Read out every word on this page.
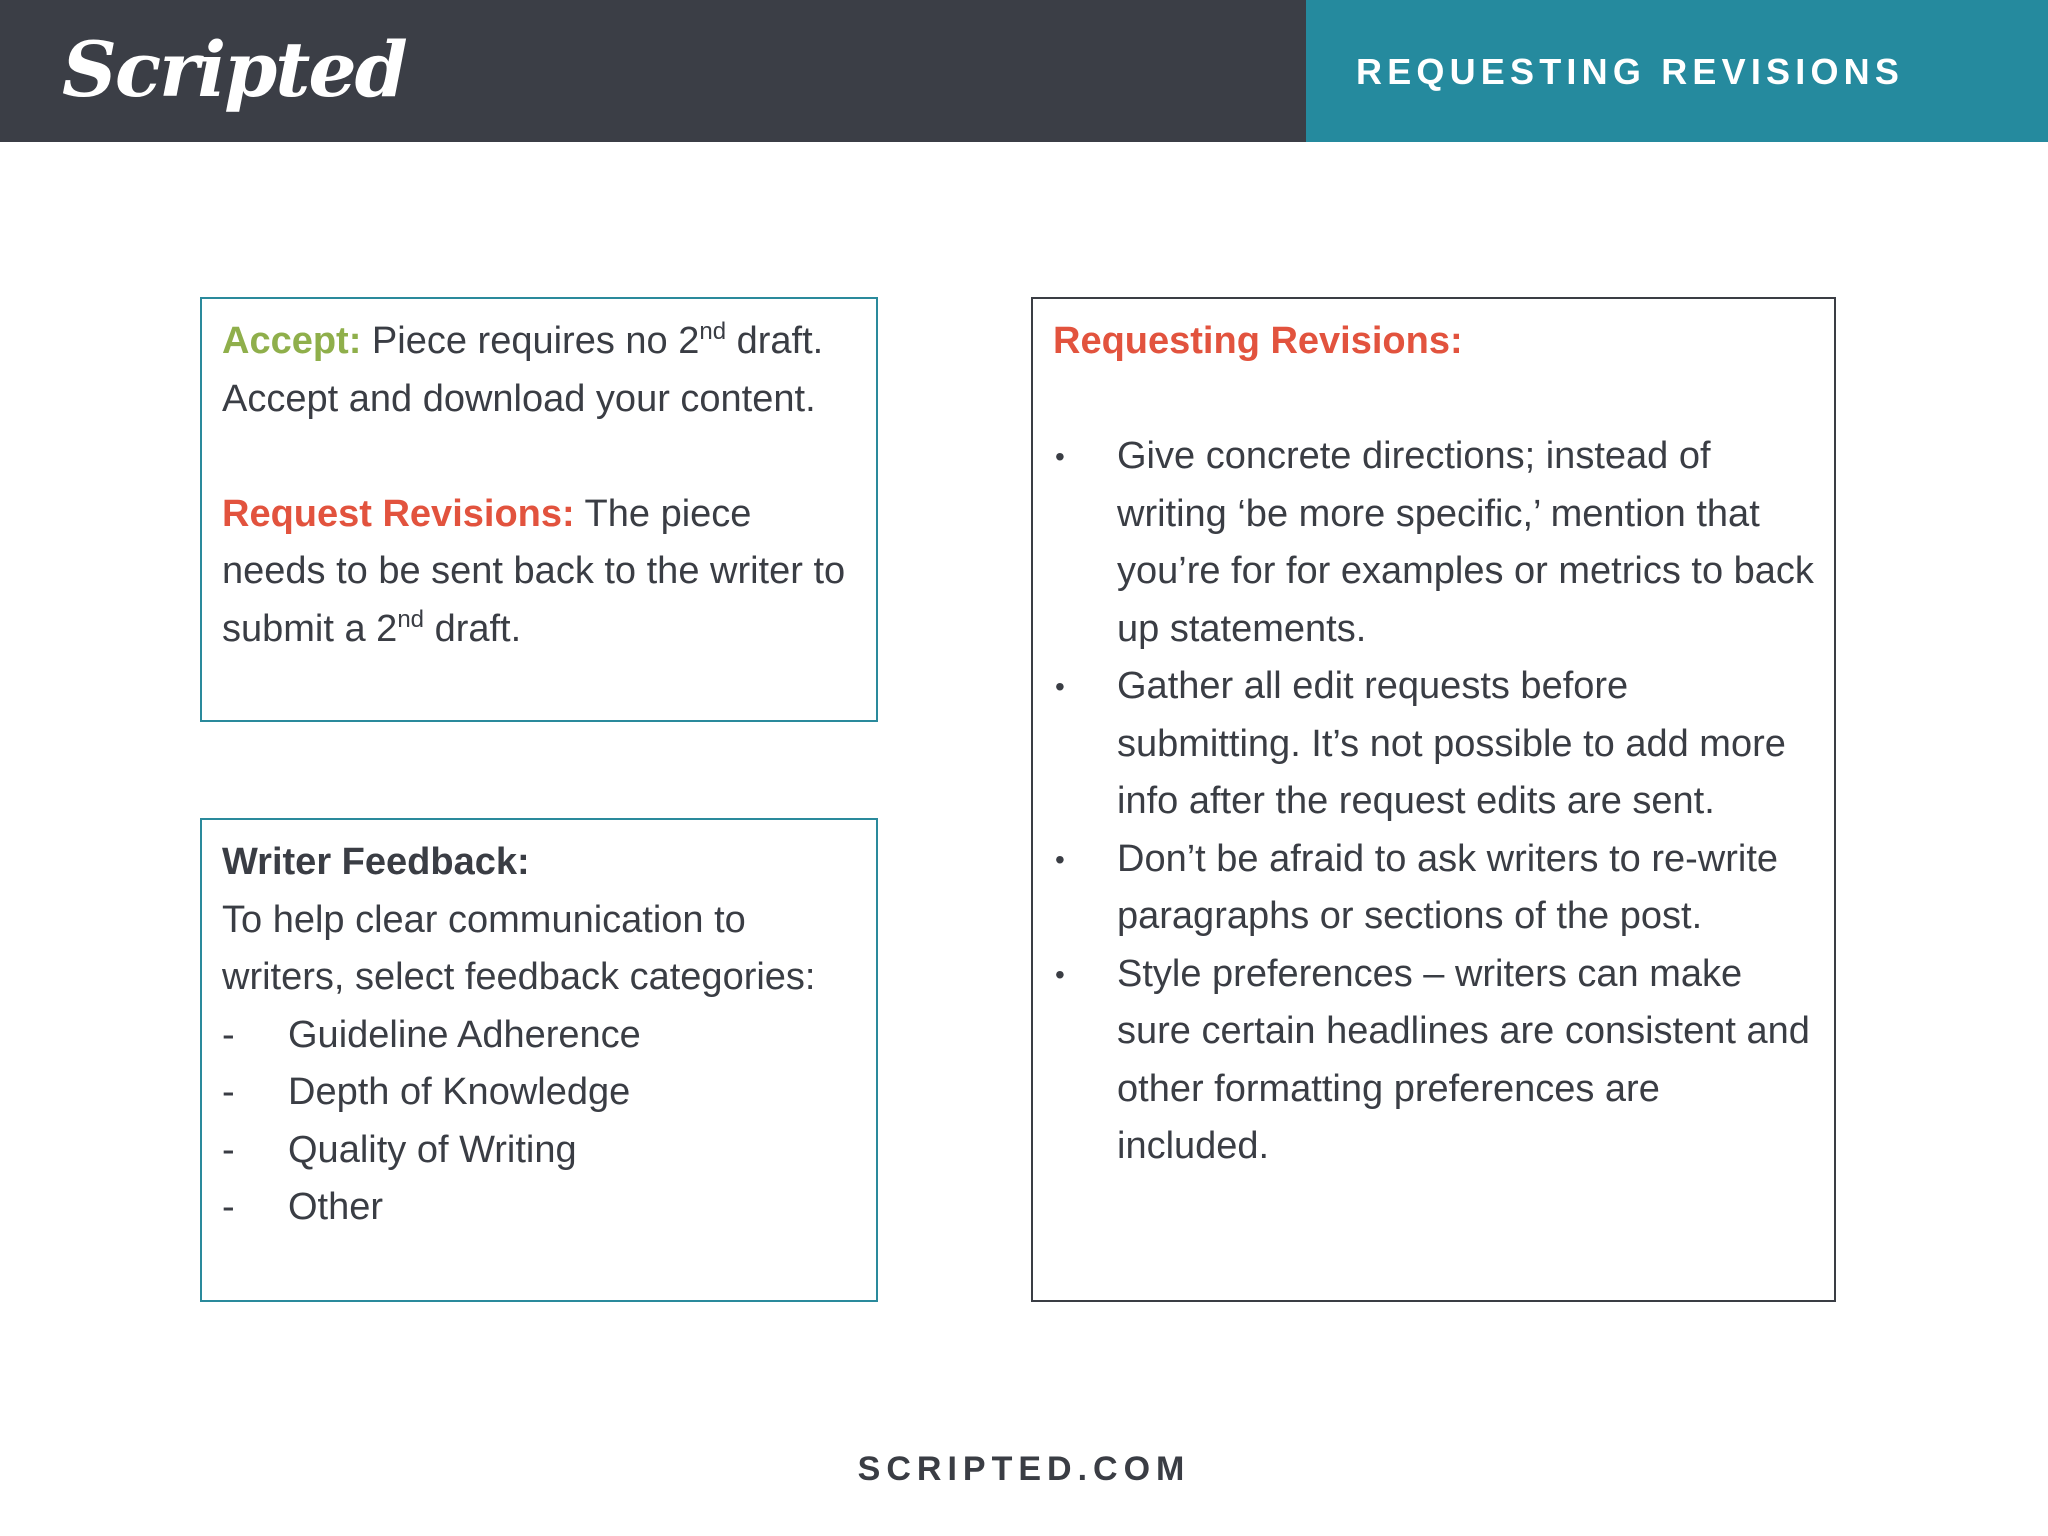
Scripted	REQUESTING REVISIONS

Accept: Piece requires no 2nd draft. Accept and download your content.

Request Revisions: The piece needs to be sent back to the writer to submit a 2nd draft.

Writer Feedback:

To help clear communication to writers, select feedback categories:

- Guideline Adherence
- Depth of Knowledge
- Quality of Writing
- Other

Requesting Revisions:

• Give concrete directions; instead of writing ‘be more specific,’ mention that you’re for for examples or metrics to back up statements.
• Gather all edit requests before submitting. It’s not possible to add more info after the request edits are sent.
• Don’t be afraid to ask writers to re-write paragraphs or sections of the post.
• Style preferences – writers can make sure certain headlines are consistent and other formatting preferences are included.
SCRIPTED.COM
